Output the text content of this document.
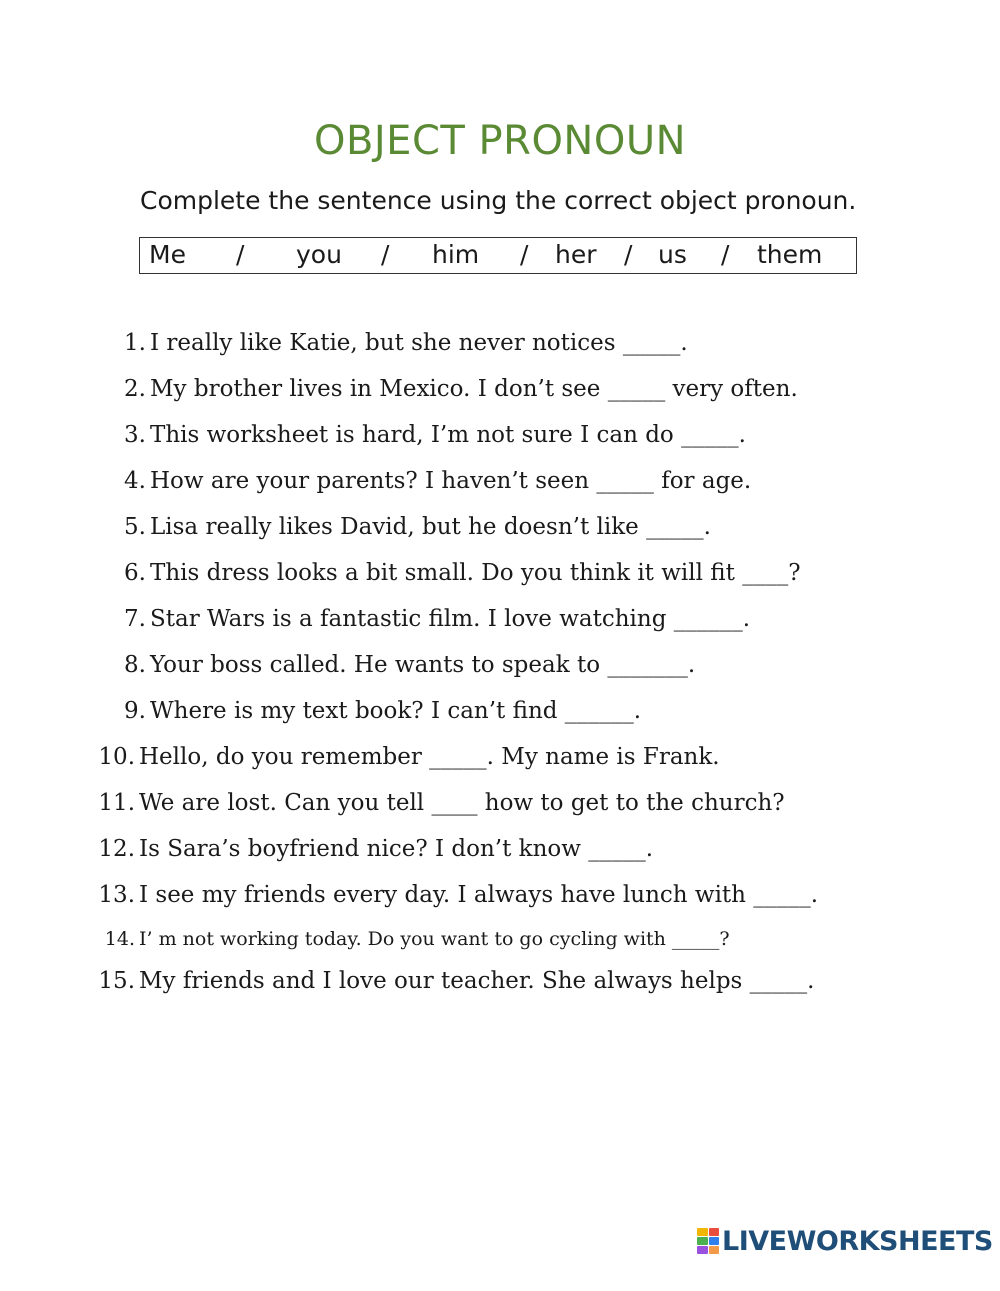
OBJECT PRONOUN
Complete the sentence using the correct object pronoun.
Me / you / him / her / us / them
1. I really like Katie, but she never notices _____.
2. My brother lives in Mexico. I don’t see _____ very often.
3. This worksheet is hard, I’m not sure I can do _____.
4. How are your parents? I haven’t seen _____ for age.
5. Lisa really likes David, but he doesn’t like _____.
6. This dress looks a bit small. Do you think it will fit ____?
7. Star Wars is a fantastic film. I love watching ______.
8. Your boss called. He wants to speak to _______.
9. Where is my text book? I can’t find ______.
10. Hello, do you remember _____. My name is Frank.
11. We are lost. Can you tell ____ how to get to the church?
12. Is Sara’s boyfriend nice? I don’t know _____.
13. I see my friends every day. I always have lunch with _____.
14. I’ m not working today. Do you want to go cycling with _____?
15. My friends and I love our teacher. She always helps _____.
LIVEWORKSHEETS
